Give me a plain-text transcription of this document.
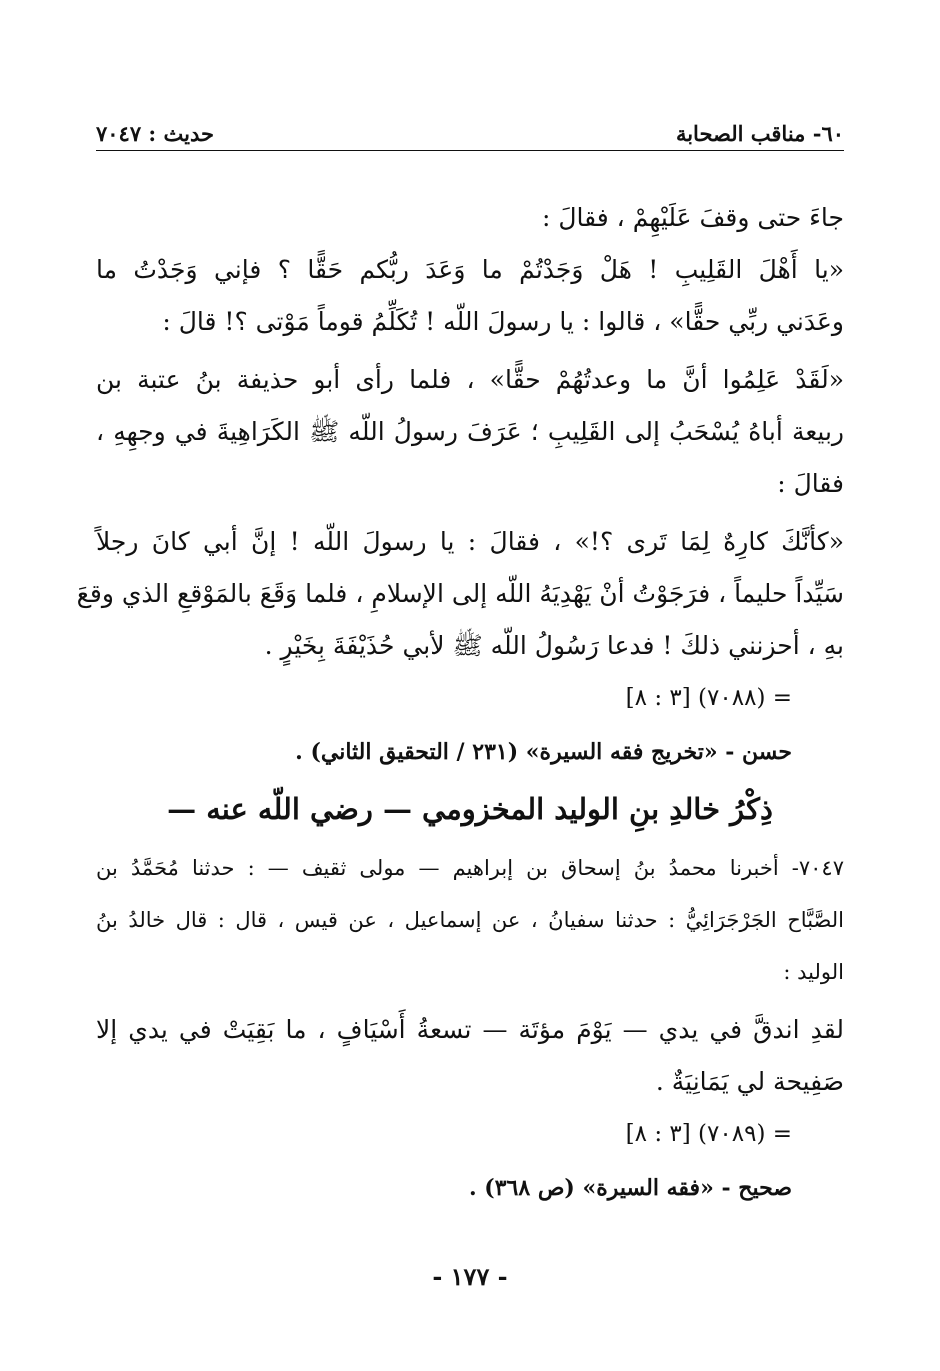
٦٠- مناقب الصحابة
حديث : ٧٠٤٧

جاءَ حتى وقفَ عَلَيْهِمْ ، فقالَ :

«يا أَهْلَ القَلِيبِ ! هَلْ وَجَدْتُمْ ما وَعَدَ ربُّكم حَقًّا ؟ فإني وَجَدْتُ ما

وعَدَني ربِّي حقًّا» ، قالوا : يا رسولَ اللّه ! تُكَلِّمُ قوماً مَوْتى ؟! قالَ :

«لَقَدْ عَلِمُوا أنَّ ما وعدتُهُمْ حقًّا» ، فلما رأى أبو حذيفة بنُ عتبة بن

ربيعة أباهُ يُسْحَبُ إلى القَلِيبِ ؛ عَرَفَ رسولُ اللّه ﷺ الكَرَاهِيةَ في وجهِهِ ،

فقالَ :

«كأنَّكَ كارِهٌ لِمَا تَرى ؟!» ، فقالَ : يا رسولَ اللّه ! إنَّ أبي كانَ رجلاً

سَيِّداً حليماً ، فرَجَوْتُ أنْ يَهْدِيَهُ اللّه إلى الإسلامِ ، فلما وَقَعَ بالمَوْقعِ الذي وقعَ

بهِ ، أحزنني ذلكَ ! فدعا رَسُولُ اللّه ﷺ لأبي حُذَيْفَةَ بِخَيْرٍ .

= (٧٠٨٨) [٣ : ٨]

حسن - «تخريج فقه السيرة» (٢٣١ / التحقيق الثاني) .

ذِكْرُ خالدِ بنِ الوليد المخزومي — رضي اللّه عنه —

٧٠٤٧- أخبرنا محمدُ بنُ إسحاق بن إبراهيم — مولى ثقيف — : حدثنا مُحَمَّدُ بن

الصَّبَّاح الجَرْجَرَائِيُّ : حدثنا سفيانُ ، عن إسماعيل ، عن قيس ، قال : قال خالدُ بنُ

الوليد :

لقدِ اندقَّ في يدي — يَوْمَ مؤتَة — تسعةُ أَسْيَافٍ ، ما بَقِيَتْ في يدي إلا

صَفِيحة لي يَمَانِيَةٌ .

= (٧٠٨٩) [٣ : ٨]

صحيح - «فقه السيرة» (ص ٣٦٨) .

- ١٧٧ -
